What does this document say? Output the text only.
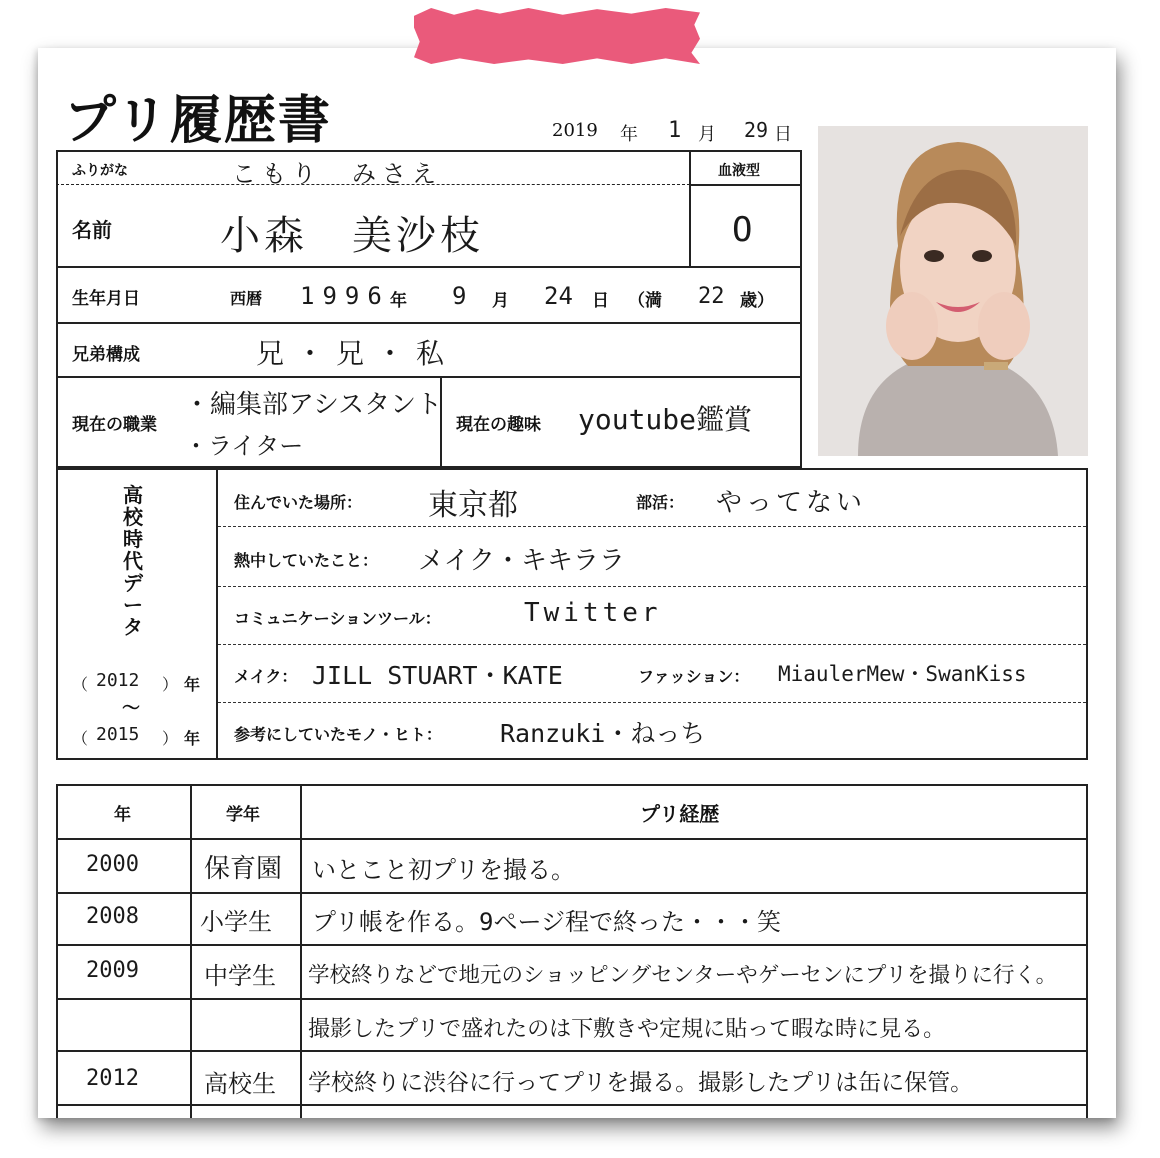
プリ履歴書	2019 年 1 月 29 日
ふりがな	こもり　みさえ	血液型
O
名前	小森　美沙枝
生年月日	西暦 1996 年 9 月 24 日 （満 22 歳）
兄弟構成	兄・兄・私
現在の職業
・編集部アシスタント
・ライター
現在の趣味 youtube鑑賞
高校時代データ
（ 2012 ） 年
～
（ 2015 ） 年
住んでいた場所： 東京都	部活： やってない
熱中していたこと： メイク・キキララ
コミュニケーションツール：	Twitter
メイク： JILL STUART・KATE	ファッション： MiaulerMew・SwanKiss
参考にしていたモノ・ヒト： Ranzuki・ねっち
年	学年	プリ経歴
2000	保育園 いとこと初プリを撮る。
2008	小学生 プリ帳を作る。9ページ程で終った・・・笑
2009	中学生 学校終りなどで地元のショッピングセンターやゲーセンにプリを撮りに行く。
撮影したプリで盛れたのは下敷きや定規に貼って暇な時に見る。
2012	高校生 学校終りに渋谷に行ってプリを撮る。撮影したプリは缶に保管。
